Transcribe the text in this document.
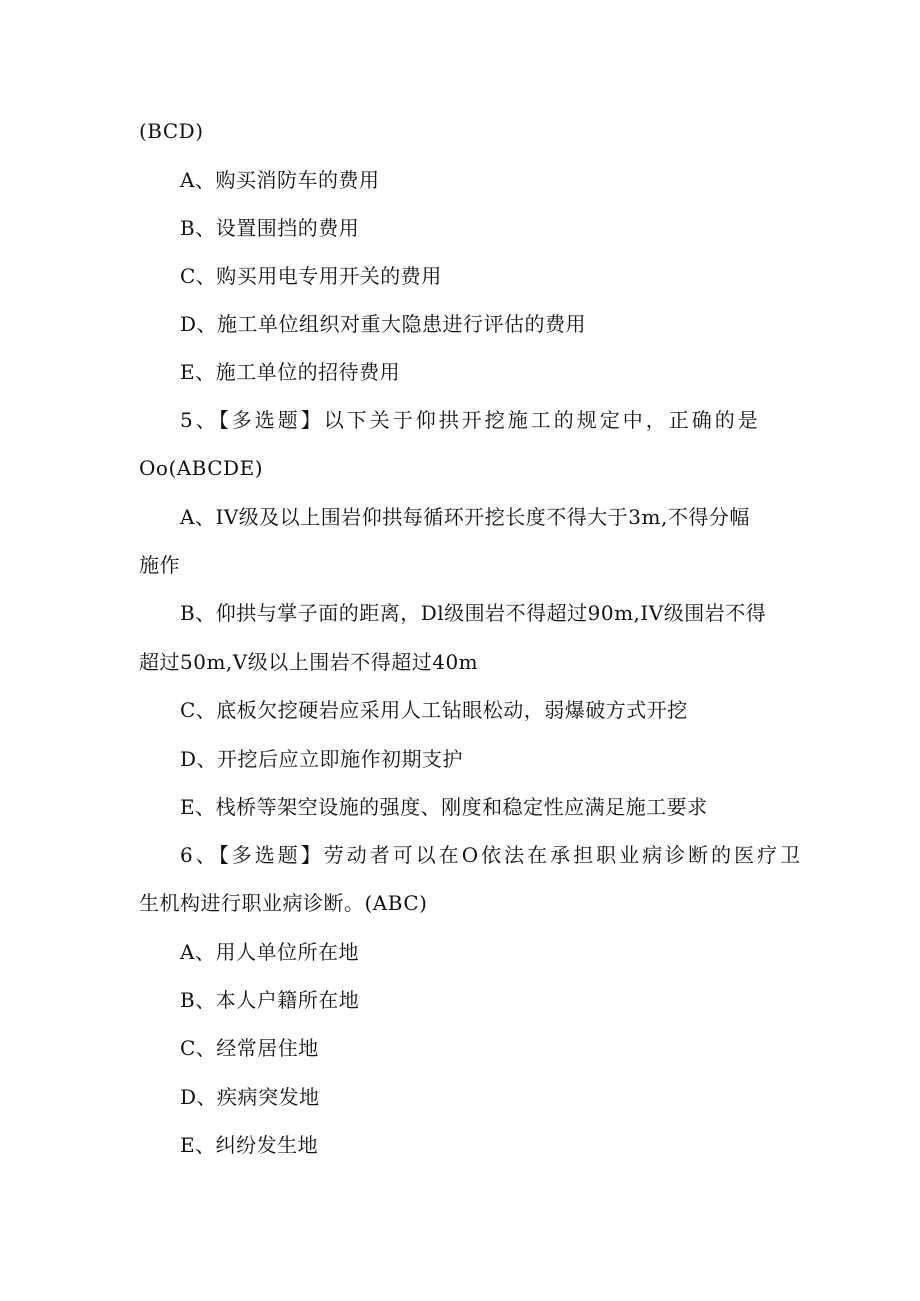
(BCD)
A、购买消防车的费用
B、设置围挡的费用
C、购买用电专用开关的费用
D、施工单位组织对重大隐患进行评估的费用
E、施工单位的招待费用
5、【多选题】以下关于仰拱开挖施工的规定中，正确的是
Oo(ABCDE)
A、IV级及以上围岩仰拱每循环开挖长度不得大于3m,不得分幅
施作
B、仰拱与掌子面的距离，Dl级围岩不得超过90m,IV级围岩不得
超过50m,V级以上围岩不得超过40m
C、底板欠挖硬岩应采用人工钻眼松动，弱爆破方式开挖
D、开挖后应立即施作初期支护
E、栈桥等架空设施的强度、刚度和稳定性应满足施工要求
6、【多选题】劳动者可以在O依法在承担职业病诊断的医疗卫
生机构进行职业病诊断。(ABC)
A、用人单位所在地
B、本人户籍所在地
C、经常居住地
D、疾病突发地
E、纠纷发生地
